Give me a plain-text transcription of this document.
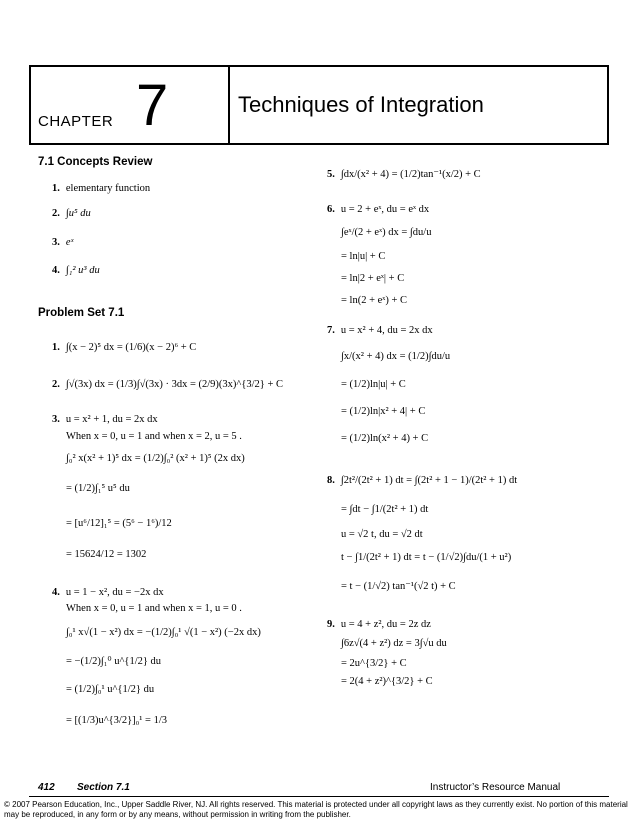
CHAPTER 7	Techniques of Integration
7.1 Concepts Review
1. elementary function
2. ∫u⁵ du
3. eˣ
4. ∫₁² u³ du
Problem Set 7.1
1. ∫(x − 2)⁵ dx = (1/6)(x − 2)⁶ + C
2. ∫√(3x) dx = (1/3)∫√(3x) · 3dx = (2/9)(3x)^{3/2} + C
3. u = x² + 1, du = 2x dx
When x = 0, u = 1 and when x = 2, u = 5 .
∫₀² x(x² + 1)⁵ dx = (1/2)∫₀² (x² + 1)⁵ (2x dx)
= (1/2)∫₁⁵ u⁵ du
= [u⁶/12]₁⁵ = (5⁶ − 1⁶)/12
= 15624/12 = 1302
4. u = 1 − x², du = −2x dx
When x = 0, u = 1 and when x = 1, u = 0 .
∫₀¹ x√(1 − x²) dx = −(1/2)∫₀¹ √(1 − x²) (−2x dx)
= −(1/2)∫₁⁰ u^{1/2} du
= (1/2)∫₀¹ u^{1/2} du
= [(1/3)u^{3/2}]₀¹ = 1/3
5. ∫dx/(x² + 4) = (1/2)tan⁻¹(x/2) + C
6. u = 2 + eˣ, du = eˣ dx
∫eˣ/(2 + eˣ) dx = ∫du/u
= ln|u| + C
= ln|2 + eˣ| + C
= ln(2 + eˣ) + C
7. u = x² + 4, du = 2x dx
∫x/(x² + 4) dx = (1/2)∫du/u
= (1/2)ln|u| + C
= (1/2)ln|x² + 4| + C
= (1/2)ln(x² + 4) + C
8. ∫2t²/(2t² + 1) dt = ∫(2t² + 1 − 1)/(2t² + 1) dt
= ∫dt − ∫1/(2t² + 1) dt
u = √2 t, du = √2 dt
t − ∫1/(2t² + 1) dt = t − (1/√2)∫du/(1 + u²)
= t − (1/√2) tan⁻¹(√2 t) + C
9. u = 4 + z², du = 2z dz
∫6z√(4 + z²) dz = 3∫√u du
= 2u^{3/2} + C
= 2(4 + z²)^{3/2} + C
412 Section 7.1	Instructor’s Resource Manual
© 2007 Pearson Education, Inc., Upper Saddle River, NJ. All rights reserved. This material is protected under all copyright laws as they currently exist. No portion of this material may be reproduced, in any form or by any means, without permission in writing from the publisher.
